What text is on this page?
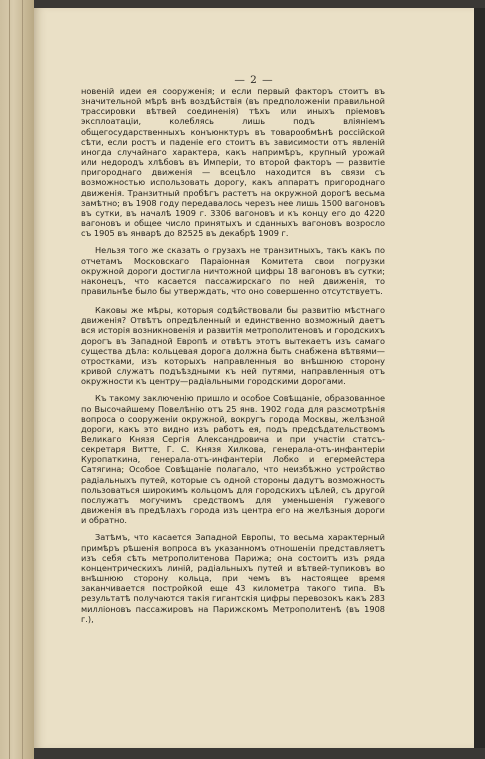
— 2 —

новеній идеи ея сооруженія; и если первый факторъ стоитъ въ значительной мѣрѣ внѣ воздѣйствія (въ предположеніи правильной трассировки вѣтвей соединенія) тѣхъ или иныхъ пріемовъ эксплоатаціи, колеблясь лишь подъ вліяніемъ общегосударственныхъ конъюнктуръ въ товарообмѣнѣ россійской сѣти, если ростъ и паденіе его стоитъ въ зависимости отъ явленій иногда случайнаго характера, какъ напримѣръ, крупный урожай или недородъ хлѣбовъ въ Имперіи, то второй факторъ — развитіе пригороднаго движенія — всецѣло находится въ связи съ возможностью использовать дорогу, какъ аппаратъ пригороднаго движенія. Транзитный пробѣгъ растетъ на окружной дорогѣ весьма замѣтно; въ 1908 году передавалось черезъ нее лишь 1500 вагоновъ въ сутки, въ началѣ 1909 г. 3306 вагоновъ и къ концу его до 4220 вагоновъ и общее число принятыхъ и сданныхъ вагоновъ возросло съ 1905 въ январѣ до 82525 въ декабрѣ 1909 г.

Нельзя того же сказать о грузахъ не транзитныхъ, такъ какъ по отчетамъ Московскаго Параіонная Комитета свои погрузки окружной дороги достигла ничтожной цифры 18 вагоновъ въ сутки; наконецъ, что касается пассажирскаго по ней движенія, то правильнѣе было бы утверждать, что оно совершенно отсутствуетъ.

Каковы же мѣры, которыя содѣйствовали бы развитію мѣстнаго движенія? Отвѣтъ опредѣленный и единственно возможный даетъ вся исторія возникновенія и развитія метрополитеновъ и городскихъ дорогъ въ Западной Европѣ и отвѣтъ этотъ вытекаетъ изъ самаго существа дѣла: кольцевая дорога должна быть снабжена вѣтвями—отростками, изъ которыхъ направленныя во внѣшнюю сторону кривой служатъ подъѣздными къ ней путями, направленныя отъ окружности къ центру—радіальными городскими дорогами.

Къ такому заключенію пришло и особое Совѣщаніе, образованное по Высочайшему Повелѣнію отъ 25 янв. 1902 года для разсмотрѣнія вопроса о сооруженіи окружной, вокругъ города Москвы, желѣзной дороги, какъ это видно изъ работъ ея, подъ предсѣдательствомъ Великаго Князя Сергія Александровича и при участіи статсъ-секретаря Витте, Г. С. Князя Хилкова, генерала-отъ-инфантеріи Куропаткина, генерала-отъ-инфантеріи Лобко и егермейстера Сатягина; Особое Совѣщаніе полагало, что неизбѣжно устройство радіальныхъ путей, которые съ одной стороны дадутъ возможность пользоваться широкимъ кольцомъ для городскихъ цѣлей, съ другой послужатъ могучимъ средствомъ для уменьшенія гужевого движенія въ предѣлахъ города изъ центра его на желѣзныя дороги и обратно.

Затѣмъ, что касается Западной Европы, то весьма характерный примѣръ рѣшенія вопроса въ указанномъ отношеніи представляетъ изъ себя сѣть метрополитенова Парижа; она состоитъ изъ ряда концентрическихъ линій, радіальныхъ путей и вѣтвей-тупиковъ во внѣшнюю сторону кольца, при чемъ въ настоящее время заканчивается постройкой еще 43 километра такого типа. Въ результатѣ получаются такія гигантскія цифры перевозокъ какъ 283 милліоновъ пассажировъ на Парижскомъ Метрополитенѣ (въ 1908 г.),
